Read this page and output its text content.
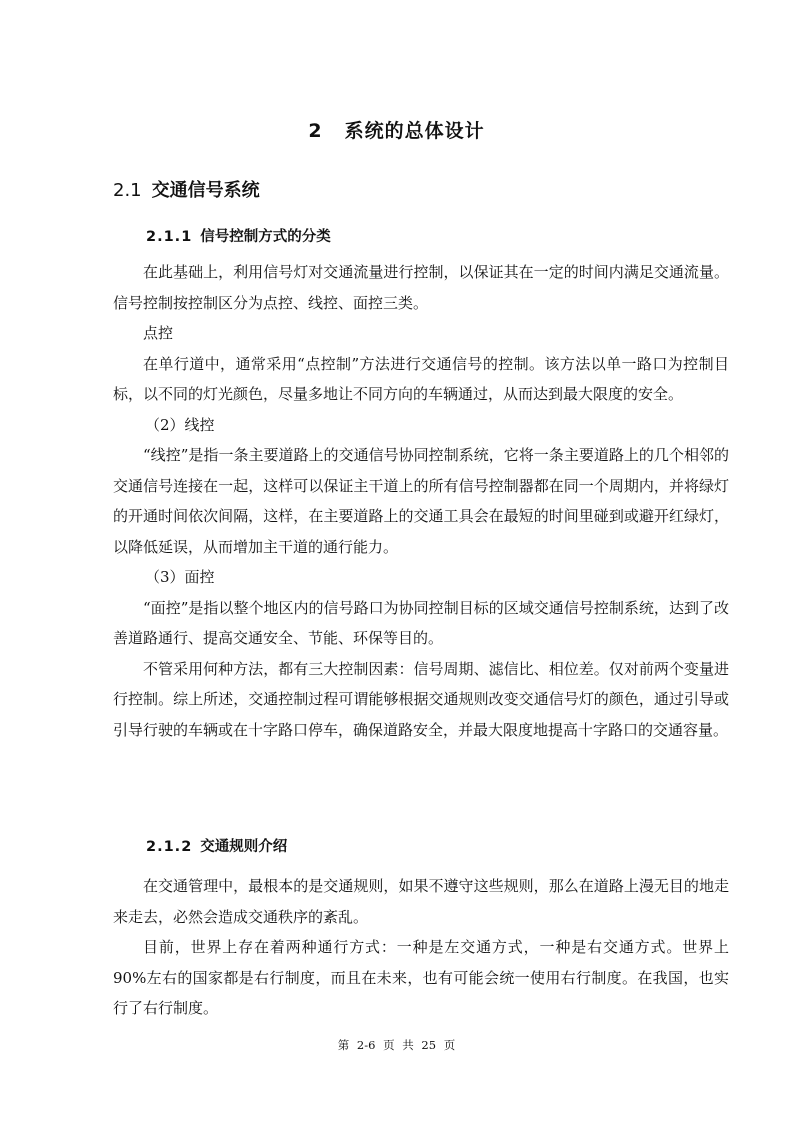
2 系统的总体设计
2.1 交通信号系统
2.1.1 信号控制方式的分类

在此基础上，利用信号灯对交通流量进行控制，以保证其在一定的时间内满足交通流量。信号控制按控制区分为点控、线控、面控三类。

点控

在单行道中，通常采用“点控制”方法进行交通信号的控制。该方法以单一路口为控制目标，以不同的灯光颜色，尽量多地让不同方向的车辆通过，从而达到最大限度的安全。

（2）线控

“线控”是指一条主要道路上的交通信号协同控制系统，它将一条主要道路上的几个相邻的交通信号连接在一起，这样可以保证主干道上的所有信号控制器都在同一个周期内，并将绿灯的开通时间依次间隔，这样，在主要道路上的交通工具会在最短的时间里碰到或避开红绿灯，以降低延误，从而增加主干道的通行能力。

（3）面控

“面控”是指以整个地区内的信号路口为协同控制目标的区域交通信号控制系统，达到了改善道路通行、提高交通安全、节能、环保等目的。

不管采用何种方法，都有三大控制因素：信号周期、滤信比、相位差。仅对前两个变量进行控制。综上所述，交通控制过程可谓能够根据交通规则改变交通信号灯的颜色，通过引导或引导行驶的车辆或在十字路口停车，确保道路安全，并最大限度地提高十字路口的交通容量。

2.1.2 交通规则介绍

在交通管理中，最根本的是交通规则，如果不遵守这些规则，那么在道路上漫无目的地走来走去，必然会造成交通秩序的紊乱。

目前，世界上存在着两种通行方式：一种是左交通方式，一种是右交通方式。世界上 90%左右的国家都是右行制度，而且在未来，也有可能会统一使用右行制度。在我国，也实行了右行制度。

第 2-6 页 共 25 页
